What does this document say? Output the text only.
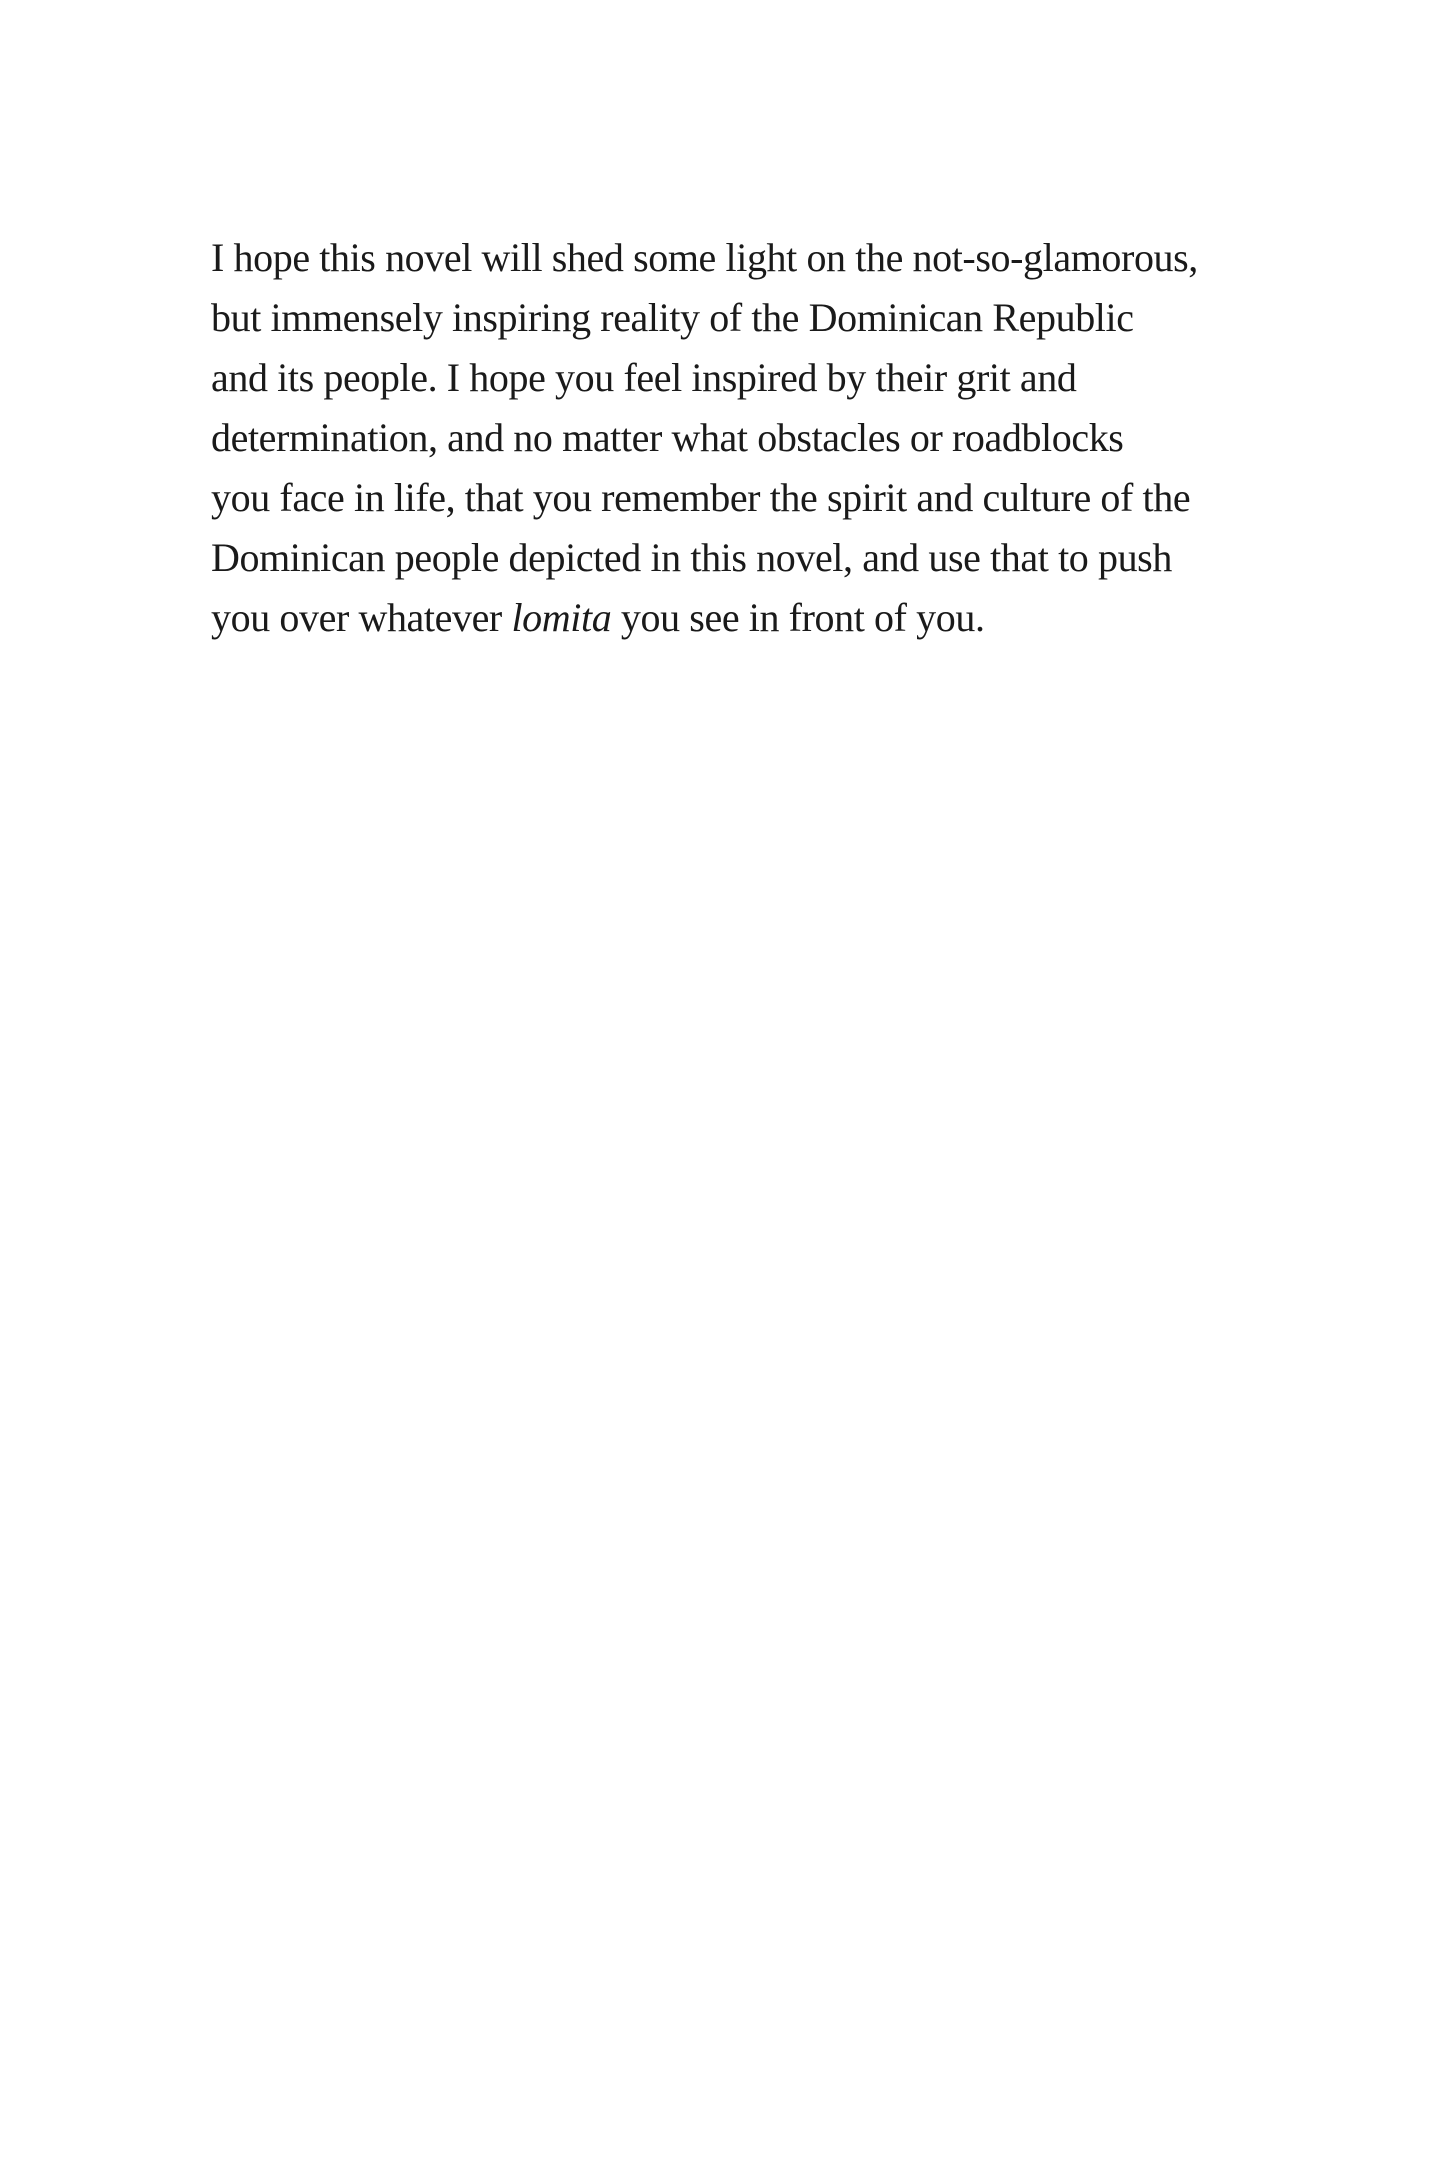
I hope this novel will shed some light on the not-so-glamorous,
but immensely inspiring reality of the Dominican Republic
and its people. I hope you feel inspired by their grit and
determination, and no matter what obstacles or roadblocks
you face in life, that you remember the spirit and culture of the
Dominican people depicted in this novel, and use that to push
you over whatever lomita you see in front of you.
